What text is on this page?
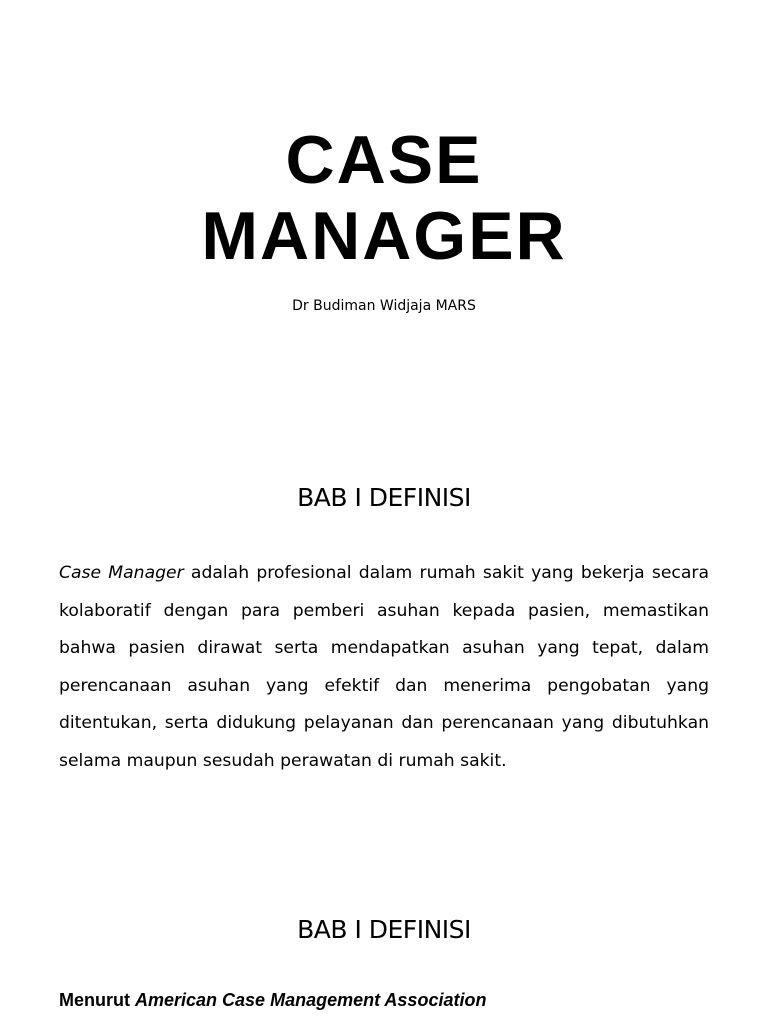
CASE
MANAGER
Dr Budiman Widjaja MARS
BAB I DEFINISI

Case Manager adalah profesional dalam rumah sakit yang bekerja secara kolaboratif dengan para pemberi asuhan kepada pasien, memastikan bahwa pasien dirawat serta mendapatkan asuhan yang tepat, dalam perencanaan asuhan yang efektif dan menerima pengobatan yang ditentukan, serta didukung pelayanan dan perencanaan yang dibutuhkan selama maupun sesudah perawatan di rumah sakit.

BAB I DEFINISI
Menurut American Case Management Association
